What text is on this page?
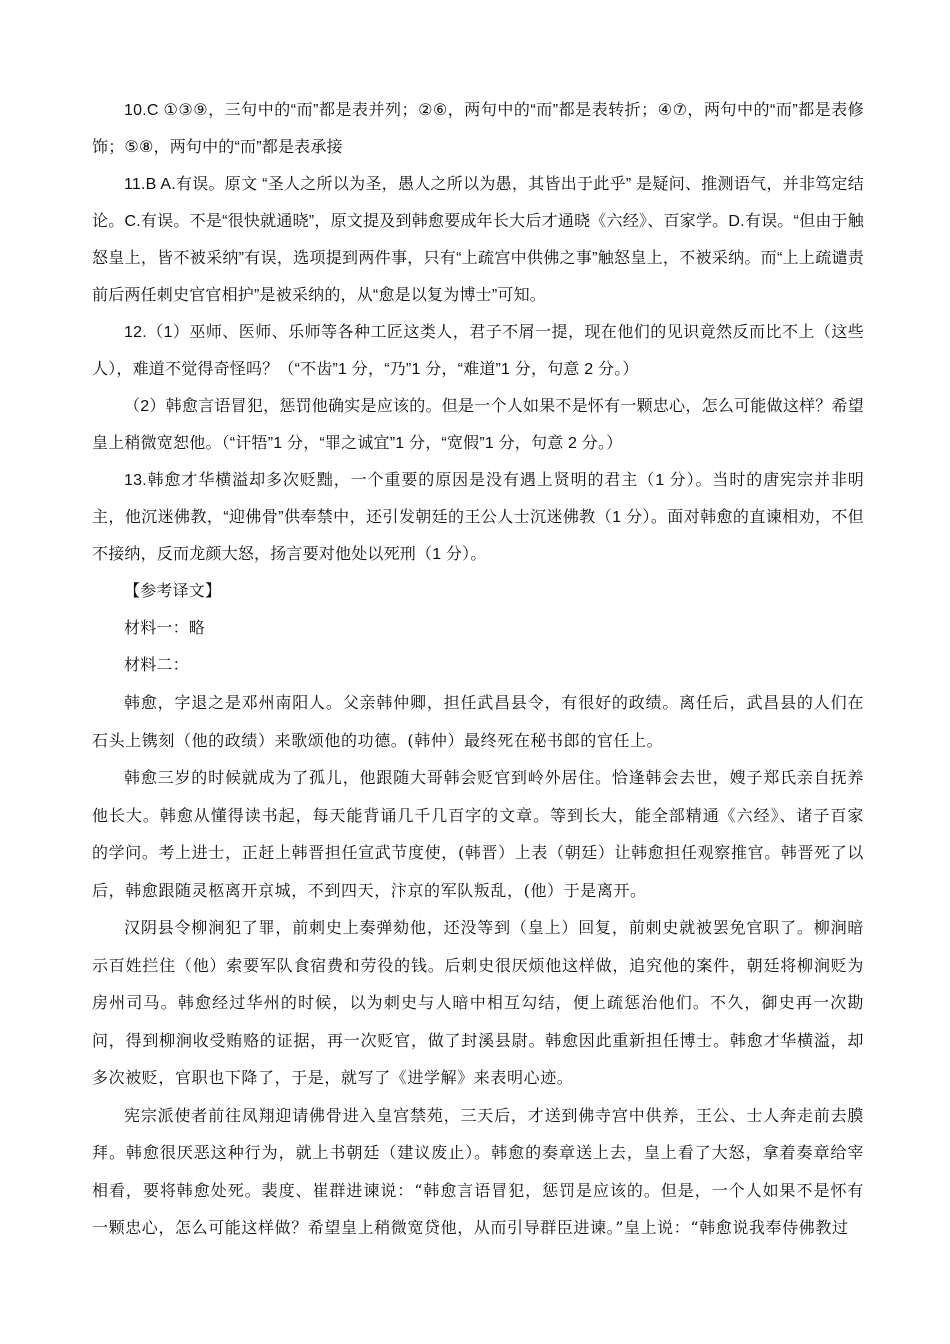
10.C ①③⑨，三句中的“而”都是表并列；②⑥，两句中的“而”都是表转折；④⑦，两句中的“而”都是表修饰；⑤⑧，两句中的“而”都是表承接

11.B A.有误。原文 “圣人之所以为圣，愚人之所以为愚，其皆出于此乎” 是疑问、推测语气，并非笃定结论。C.有误。不是“很快就通晓”，原文提及到韩愈要成年长大后才通晓《六经》、百家学。D.有误。“但由于触怒皇上，皆不被采纳”有误，选项提到两件事，只有“上疏宫中供佛之事”触怒皇上，不被采纳。而“上上疏谴责前后两任刺史官官相护”是被采纳的，从“愈是以复为博士”可知。

12.（1）巫师、医师、乐师等各种工匠这类人，君子不屑一提，现在他们的见识竟然反而比不上（这些人），难道不觉得奇怪吗？（“不齿”1 分，“乃”1 分，“难道”1 分，句意 2 分。）

（2）韩愈言语冒犯，惩罚他确实是应该的。但是一个人如果不是怀有一颗忠心，怎么可能做这样？希望皇上稍微宽恕他。（“讦牾”1 分，“罪之诚宜”1 分，“宽假”1 分，句意 2 分。）

13.韩愈才华横溢却多次贬黜，一个重要的原因是没有遇上贤明的君主（1 分）。当时的唐宪宗并非明主，他沉迷佛教，“迎佛骨”供奉禁中，还引发朝廷的王公人士沉迷佛教（1 分）。面对韩愈的直谏相劝，不但不接纳，反而龙颜大怒，扬言要对他处以死刑（1 分）。

【参考译文】

材料一：略

材料二：

韩愈，字退之是邓州南阳人。父亲韩仲卿，担任武昌县令，有很好的政绩。离任后，武昌县的人们在石头上镌刻（他的政绩）来歌颂他的功德。(韩仲）最终死在秘书郎的官任上。

韩愈三岁的时候就成为了孤儿，他跟随大哥韩会贬官到岭外居住。恰逢韩会去世，嫂子郑氏亲自抚养他长大。韩愈从懂得读书起，每天能背诵几千几百字的文章。等到长大，能全部精通《六经》、诸子百家的学问。考上进士，正赶上韩晋担任宣武节度使，(韩晋）上表（朝廷）让韩愈担任观察推官。韩晋死了以后，韩愈跟随灵柩离开京城，不到四天，汴京的军队叛乱，(他）于是离开。

汉阴县令柳涧犯了罪，前刺史上奏弹劾他，还没等到（皇上）回复，前刺史就被罢免官职了。柳涧暗示百姓拦住（他）索要军队食宿费和劳役的钱。后刺史很厌烦他这样做，追究他的案件，朝廷将柳涧贬为房州司马。韩愈经过华州的时候，以为刺史与人暗中相互勾结，便上疏惩治他们。不久，御史再一次勘问，得到柳涧收受贿赂的证据，再一次贬官，做了封溪县尉。韩愈因此重新担任博士。韩愈才华横溢，却多次被贬，官职也下降了，于是，就写了《进学解》来表明心迹。

宪宗派使者前往凤翔迎请佛骨进入皇宫禁苑，三天后，才送到佛寺宫中供养，王公、士人奔走前去膜拜。韩愈很厌恶这种行为，就上书朝廷（建议废止）。韩愈的奏章送上去，皇上看了大怒，拿着奏章给宰相看，要将韩愈处死。裴度、崔群进谏说：“韩愈言语冒犯，惩罚是应该的。但是，一个人如果不是怀有一颗忠心，怎么可能这样做？希望皇上稍微宽贷他，从而引导群臣进谏。”皇上说：“韩愈说我奉侍佛教过
